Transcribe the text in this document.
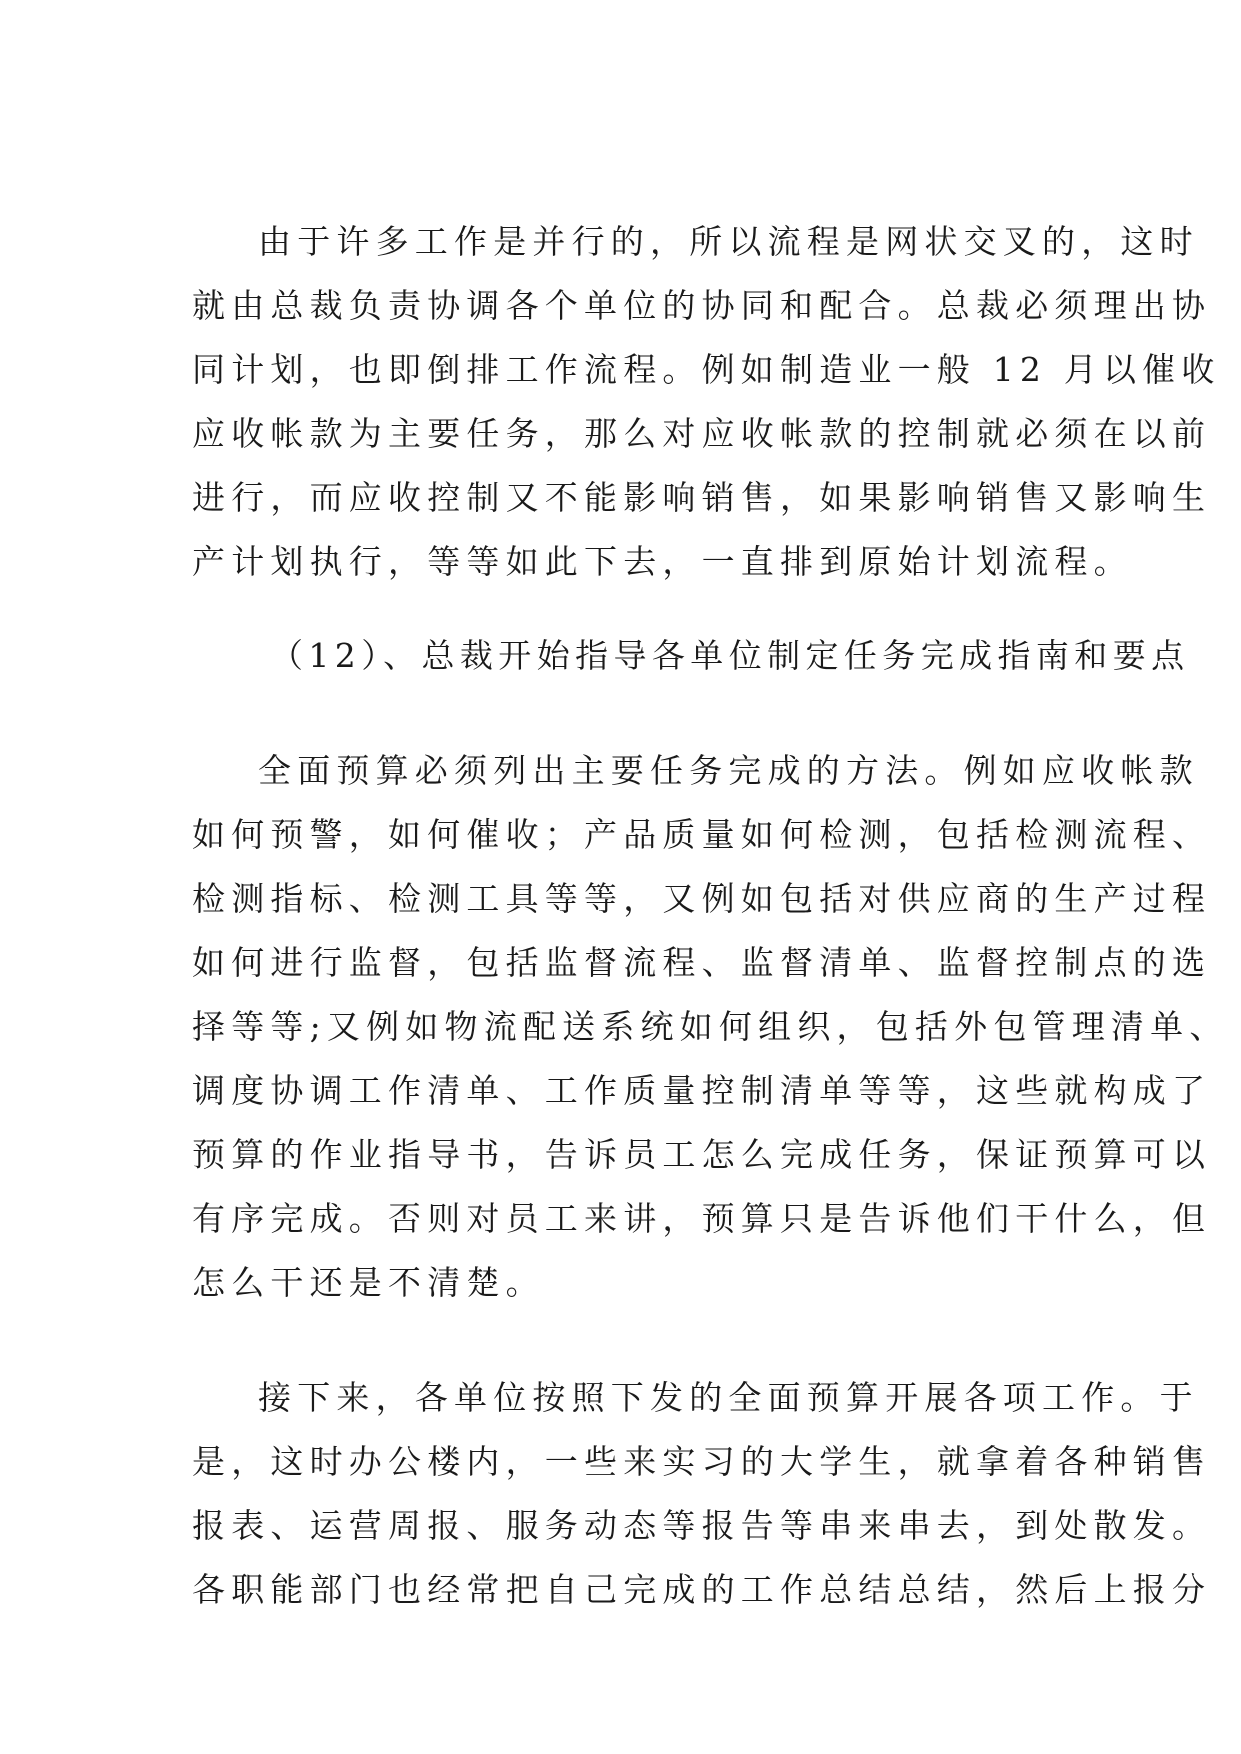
由于许多工作是并行的，所以流程是网状交叉的，这时
就由总裁负责协调各个单位的协同和配合。总裁必须理出协
同计划，也即倒排工作流程。例如制造业一般 12 月以催收
应收帐款为主要任务，那么对应收帐款的控制就必须在以前
进行，而应收控制又不能影响销售，如果影响销售又影响生
产计划执行，等等如此下去，一直排到原始计划流程。
（12）、总裁开始指导各单位制定任务完成指南和要点
全面预算必须列出主要任务完成的方法。例如应收帐款
如何预警，如何催收；产品质量如何检测，包括检测流程、
检测指标、检测工具等等，又例如包括对供应商的生产过程
如何进行监督，包括监督流程、监督清单、监督控制点的选
择等等;又例如物流配送系统如何组织，包括外包管理清单、
调度协调工作清单、工作质量控制清单等等，这些就构成了
预算的作业指导书，告诉员工怎么完成任务，保证预算可以
有序完成。否则对员工来讲，预算只是告诉他们干什么，但
怎么干还是不清楚。
接下来，各单位按照下发的全面预算开展各项工作。于
是，这时办公楼内，一些来实习的大学生，就拿着各种销售
报表、运营周报、服务动态等报告等串来串去，到处散发。
各职能部门也经常把自己完成的工作总结总结，然后上报分
